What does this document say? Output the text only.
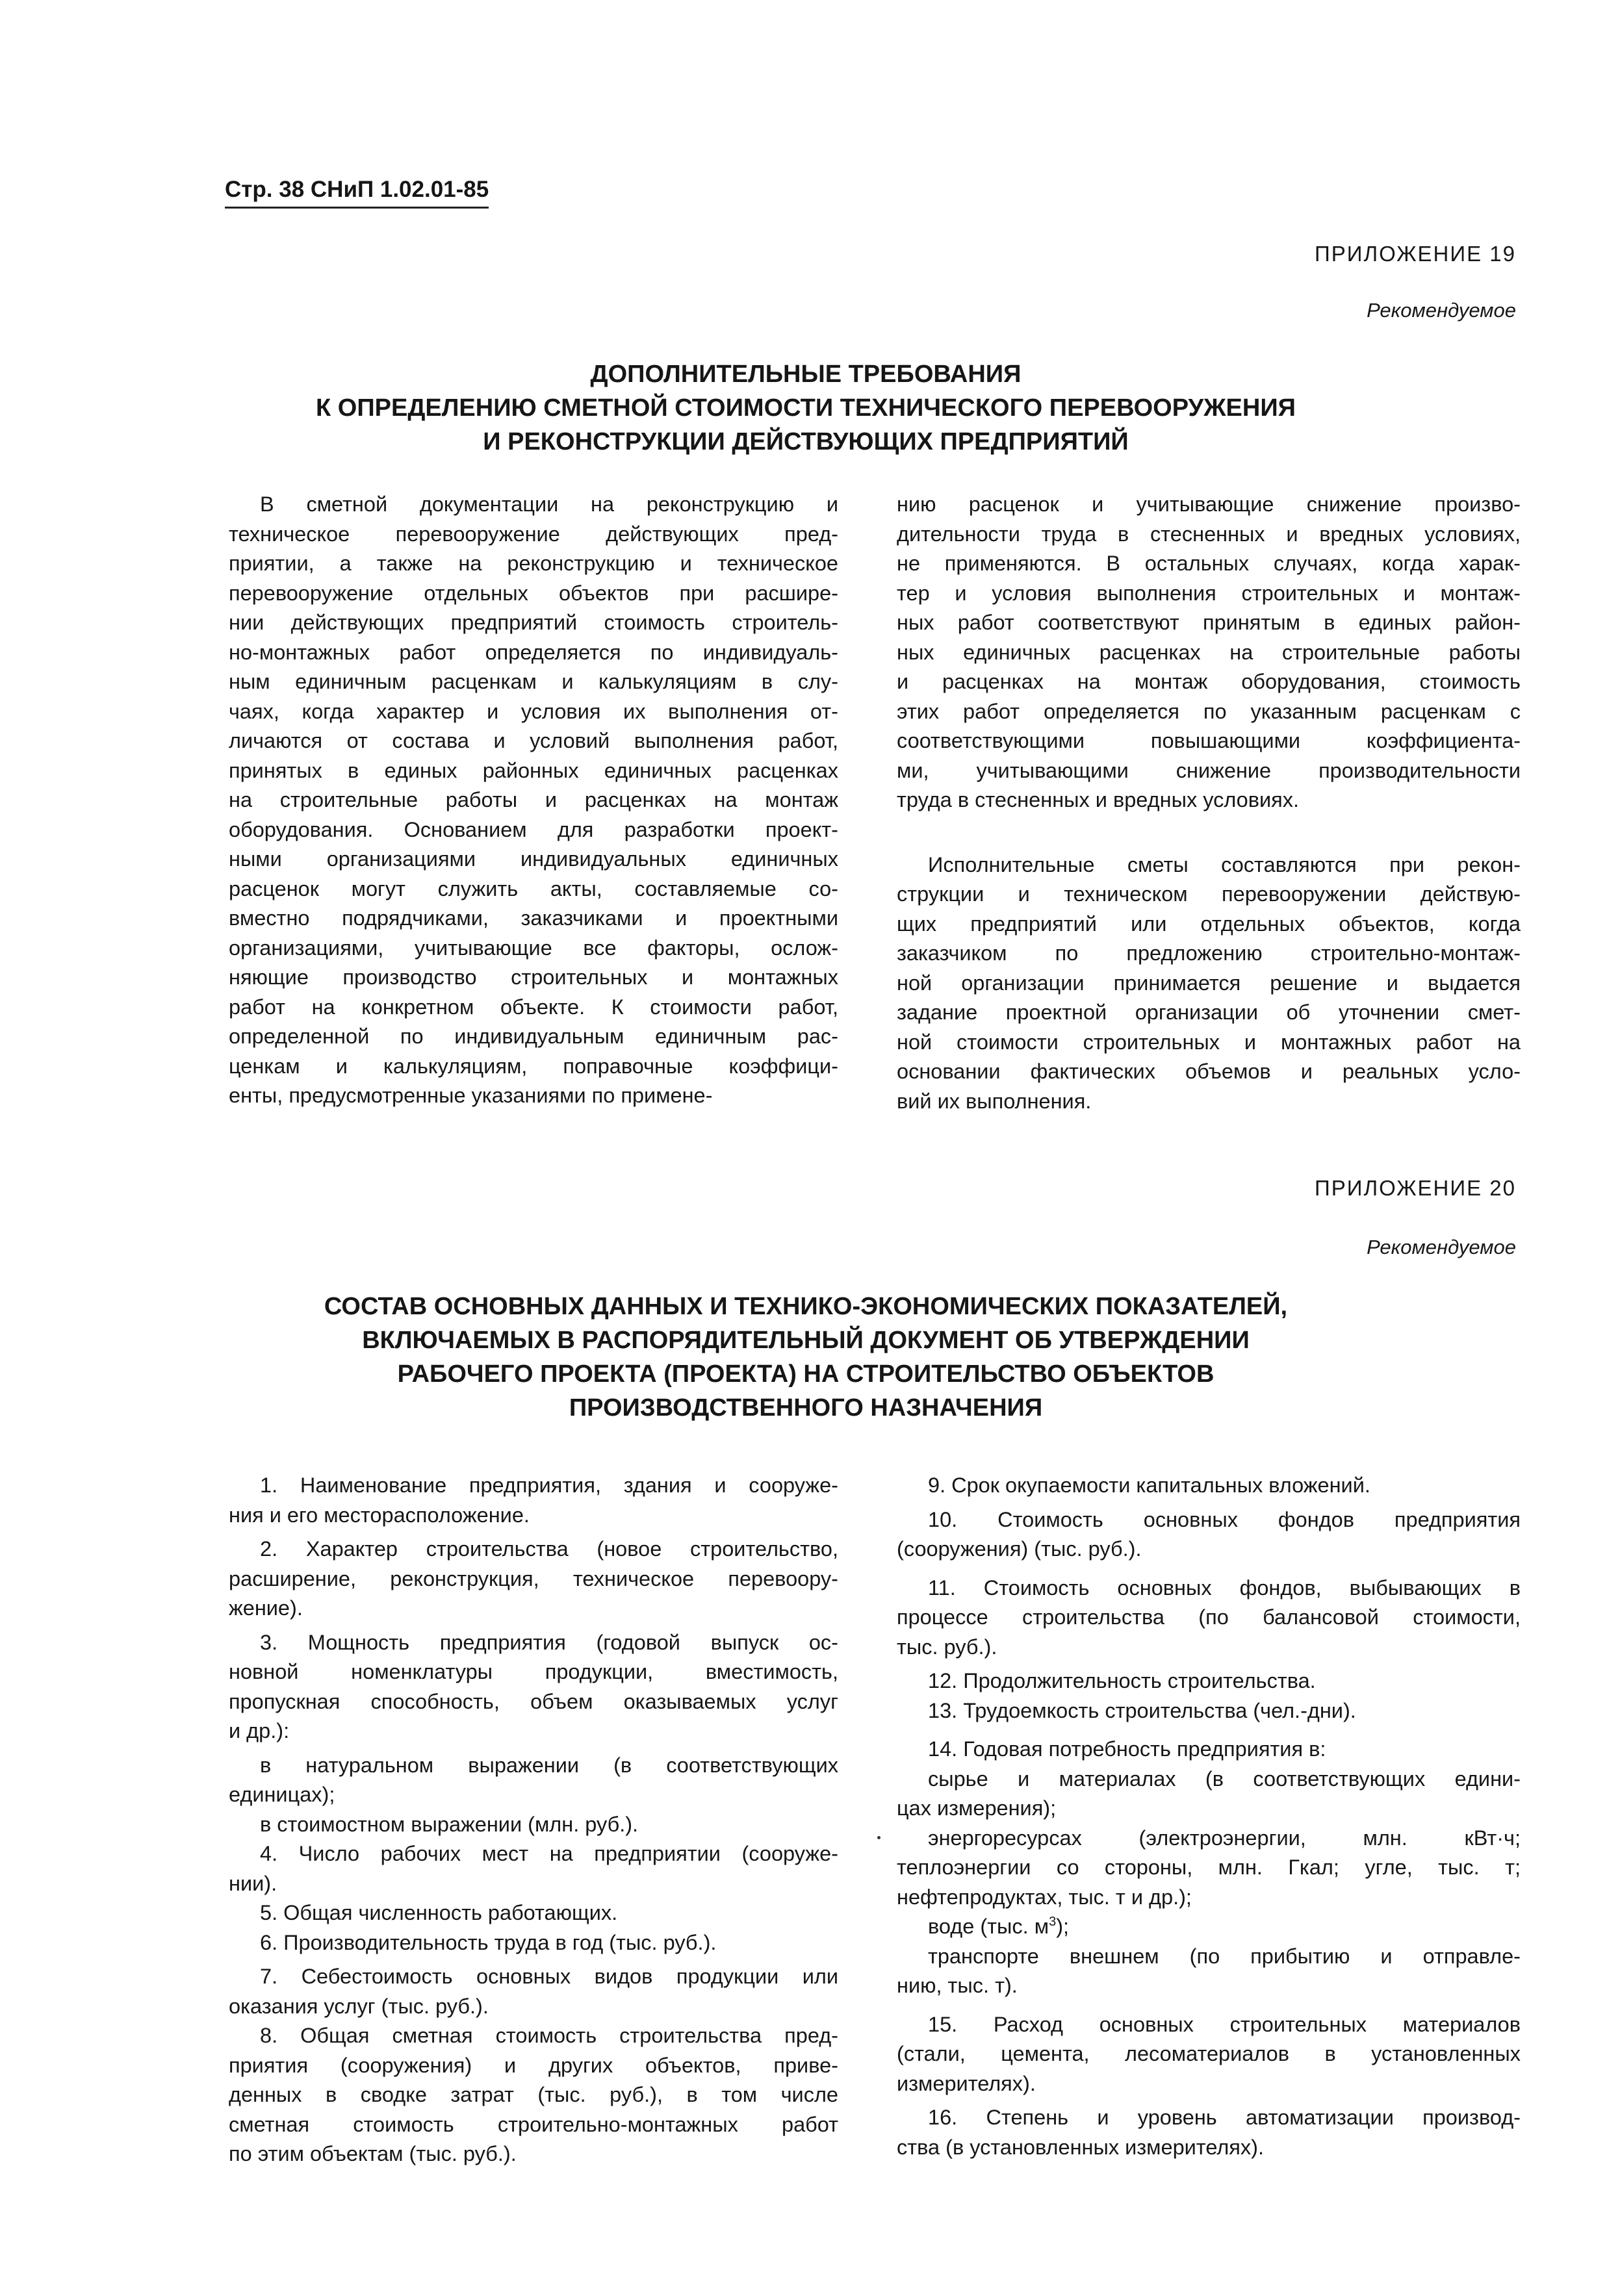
Стр. 38 СНиП 1.02.01-85
ПРИЛОЖЕНИЕ 19
Рекомендуемое
ДОПОЛНИТЕЛЬНЫЕ ТРЕБОВАНИЯ
К ОПРЕДЕЛЕНИЮ СМЕТНОЙ СТОИМОСТИ ТЕХНИЧЕСКОГО ПЕРЕВООРУЖЕНИЯ
И РЕКОНСТРУКЦИИ ДЕЙСТВУЮЩИХ ПРЕДПРИЯТИЙ

В сметной документации на реконструкцию и
техническое перевооружение действующих пред-
приятии, а также на реконструкцию и техническое
перевооружение отдельных объектов при расшире-
нии действующих предприятий стоимость строитель-
но-монтажных работ определяется по индивидуаль-
ным единичным расценкам и калькуляциям в слу-
чаях, когда характер и условия их выполнения от-
личаются от состава и условий выполнения работ,
принятых в единых районных единичных расценках
на строительные работы и расценках на монтаж
оборудования. Основанием для разработки проект-
ными организациями индивидуальных единичных
расценок могут служить акты, составляемые со-
вместно подрядчиками, заказчиками и проектными
организациями, учитывающие все факторы, ослож-
няющие производство строительных и монтажных
работ на конкретном объекте. К стоимости работ,
определенной по индивидуальным единичным рас-
ценкам и калькуляциям, поправочные коэффици-
енты, предусмотренные указаниями по примене-

нию расценок и учитывающие снижение произво-
дительности труда в стесненных и вредных условиях,
не применяются. В остальных случаях, когда харак-
тер и условия выполнения строительных и монтаж-
ных работ соответствуют принятым в единых район-
ных единичных расценках на строительные работы
и расценках на монтаж оборудования, стоимость
этих работ определяется по указанным расценкам с
соответствующими повышающими коэффициента-
ми, учитывающими снижение производительности
труда в стесненных и вредных условиях.

Исполнительные сметы составляются при рекон-
струкции и техническом перевооружении действую-
щих предприятий или отдельных объектов, когда
заказчиком по предложению строительно-монтаж-
ной организации принимается решение и выдается
задание проектной организации об уточнении смет-
ной стоимости строительных и монтажных работ на
основании фактических объемов и реальных усло-
вий их выполнения.

ПРИЛОЖЕНИЕ 20
Рекомендуемое
СОСТАВ ОСНОВНЫХ ДАННЫХ И ТЕХНИКО-ЭКОНОМИЧЕСКИХ ПОКАЗАТЕЛЕЙ,
ВКЛЮЧАЕМЫХ В РАСПОРЯДИТЕЛЬНЫЙ ДОКУМЕНТ ОБ УТВЕРЖДЕНИИ
РАБОЧЕГО ПРОЕКТА (ПРОЕКТА) НА СТРОИТЕЛЬСТВО ОБЪЕКТОВ
ПРОИЗВОДСТВЕННОГО НАЗНАЧЕНИЯ
1. Наименование предприятия, здания и сооруже-
ния и его месторасположение.
2. Характер строительства (новое строительство,
расширение, реконструкция, техническое перевоору-
жение).
3. Мощность предприятия (годовой выпуск ос-
новной номенклатуры продукции, вместимость,
пропускная способность, объем оказываемых услуг
и др.):
в натуральном выражении (в соответствующих
единицах);
в стоимостном выражении (млн. руб.).
4. Число рабочих мест на предприятии (сооруже-
нии).
5. Общая численность работающих.
6. Производительность труда в год (тыс. руб.).
7. Себестоимость основных видов продукции или
оказания услуг (тыс. руб.).
8. Общая сметная стоимость строительства пред-
приятия (сооружения) и других объектов, приве-
денных в сводке затрат (тыс. руб.), в том числе
сметная стоимость строительно-монтажных работ
по этим объектам (тыс. руб.).
9. Срок окупаемости капитальных вложений.
10. Стоимость основных фондов предприятия
(сооружения) (тыс. руб.).
11. Стоимость основных фондов, выбывающих в
процессе строительства (по балансовой стоимости,
тыс. руб.).
12. Продолжительность строительства.
13. Трудоемкость строительства (чел.-дни).
14. Годовая потребность предприятия в:
сырье и материалах (в соответствующих едини-
цах измерения);
энергоресурсах (электроэнергии, млн. кВт·ч;
теплоэнергии со стороны, млн. Гкал; угле, тыс. т;
нефтепродуктах, тыс. т и др.);
воде (тыс. $м^3$);
транспорте внешнем (по прибытию и отправле-
нию, тыс. т).
15. Расход основных строительных материалов
(стали, цемента, лесоматериалов в установленных
измерителях).
16. Степень и уровень автоматизации производ-
ства (в установленных измерителях).
